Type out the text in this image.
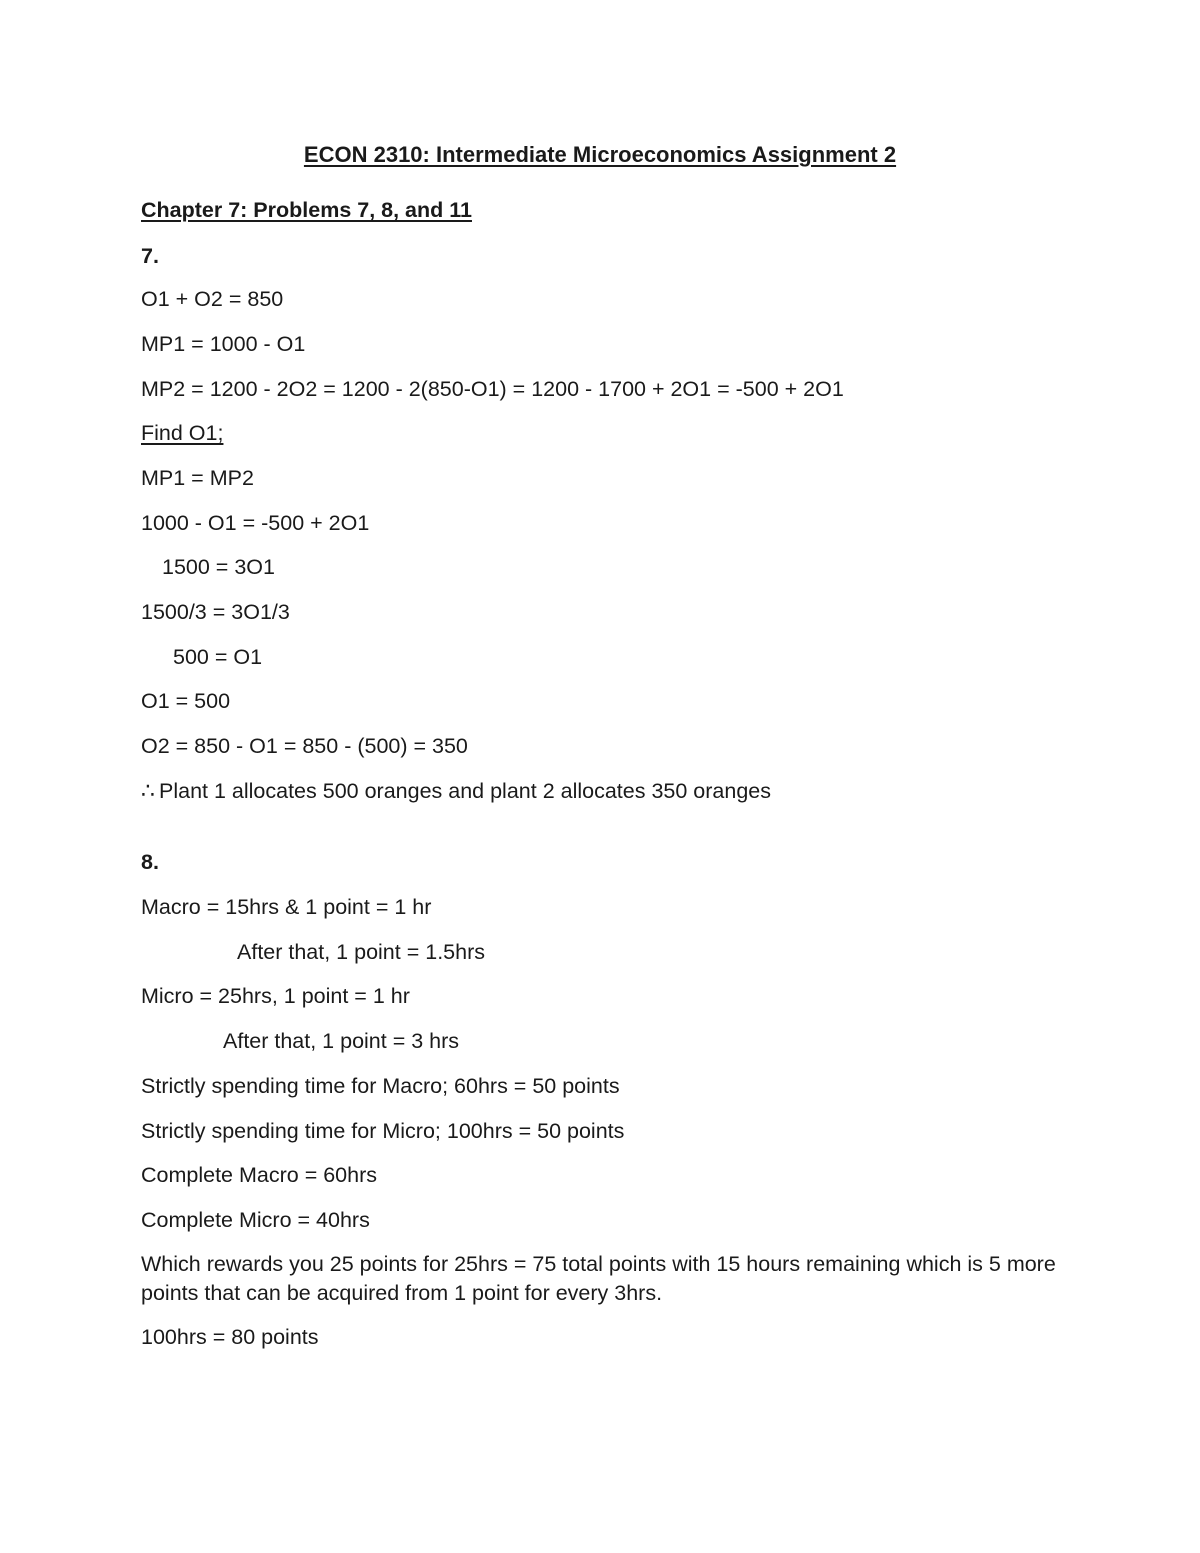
ECON 2310: Intermediate Microeconomics Assignment 2
Chapter 7: Problems 7, 8, and 11
7.
O1 + O2 = 850
MP1 = 1000 - O1
MP2 = 1200 - 2O2 = 1200 - 2(850-O1) = 1200 - 1700 + 2O1 = -500 + 2O1
Find O1;
MP1 = MP2
1000 - O1 = -500 + 2O1
1500 = 3O1
1500/3 = 3O1/3
500 = O1
O1 = 500
O2 = 850 - O1 = 850 - (500) = 350
∴ Plant 1 allocates 500 oranges and plant 2 allocates 350 oranges
8.
Macro = 15hrs & 1 point = 1 hr
After that, 1 point = 1.5hrs
Micro = 25hrs, 1 point = 1 hr
After that, 1 point = 3 hrs
Strictly spending time for Macro; 60hrs = 50 points
Strictly spending time for Micro; 100hrs = 50 points
Complete Macro = 60hrs
Complete Micro = 40hrs
Which rewards you 25 points for 25hrs = 75 total points with 15 hours remaining which is 5 more points that can be acquired from 1 point for every 3hrs.
100hrs = 80 points
